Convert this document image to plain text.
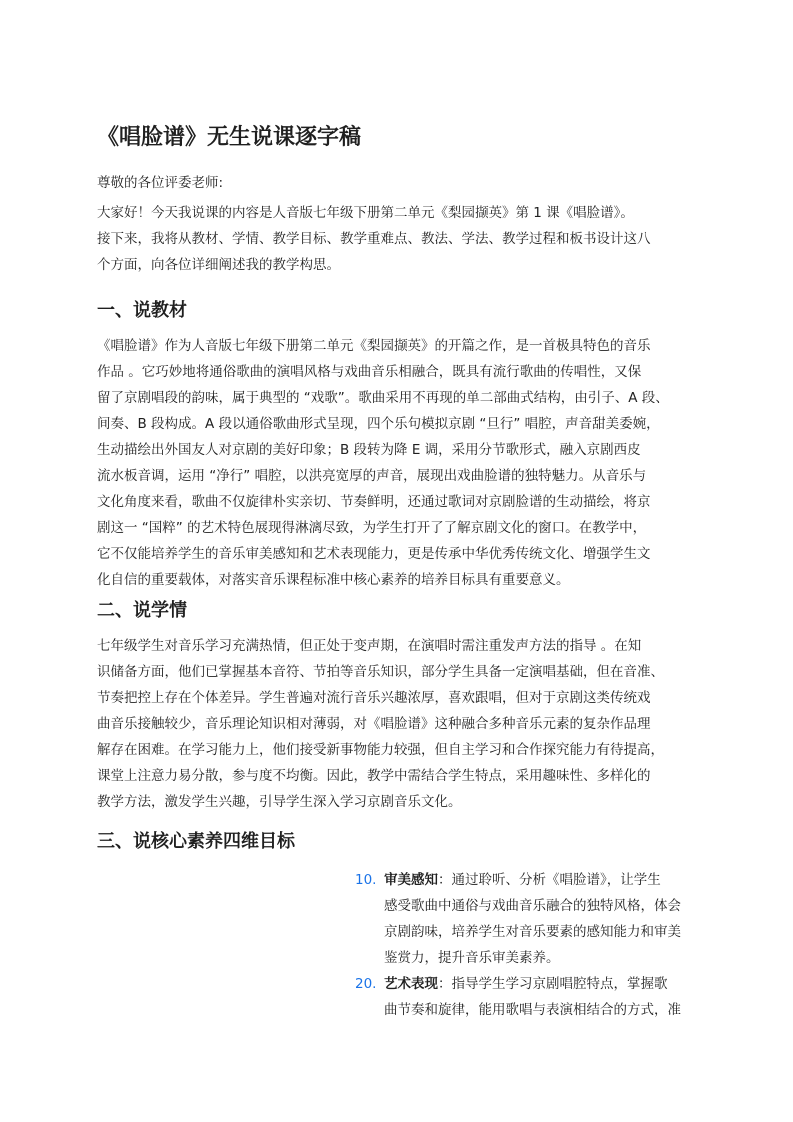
《唱脸谱》无生说课逐字稿

尊敬的各位评委老师:

大家好！今天我说课的内容是人音版七年级下册第二单元《梨园撷英》第 1 课《唱脸谱》。
接下来，我将从教材、学情、教学目标、教学重难点、教法、学法、教学过程和板书设计这八
个方面，向各位详细阐述我的教学构思。

一、说教材

《唱脸谱》作为人音版七年级下册第二单元《梨园撷英》的开篇之作，是一首极具特色的音乐
作品 。它巧妙地将通俗歌曲的演唱风格与戏曲音乐相融合，既具有流行歌曲的传唱性，又保
留了京剧唱段的韵味，属于典型的 “戏歌”。歌曲采用不再现的单二部曲式结构，由引子、A 段、
间奏、B 段构成。A 段以通俗歌曲形式呈现，四个乐句模拟京剧 “旦行” 唱腔，声音甜美委婉，
生动描绘出外国友人对京剧的美好印象；B 段转为降 E 调，采用分节歌形式，融入京剧西皮
流水板音调，运用 “净行” 唱腔，以洪亮宽厚的声音，展现出戏曲脸谱的独特魅力。从音乐与
文化角度来看，歌曲不仅旋律朴实亲切、节奏鲜明，还通过歌词对京剧脸谱的生动描绘，将京
剧这一 “国粹” 的艺术特色展现得淋漓尽致，为学生打开了了解京剧文化的窗口。在教学中，
它不仅能培养学生的音乐审美感知和艺术表现能力，更是传承中华优秀传统文化、增强学生文
化自信的重要载体，对落实音乐课程标准中核心素养的培养目标具有重要意义。

二、说学情

七年级学生对音乐学习充满热情，但正处于变声期，在演唱时需注重发声方法的指导 。在知
识储备方面，他们已掌握基本音符、节拍等音乐知识，部分学生具备一定演唱基础，但在音准、
节奏把控上存在个体差异。学生普遍对流行音乐兴趣浓厚，喜欢跟唱，但对于京剧这类传统戏
曲音乐接触较少，音乐理论知识相对薄弱，对《唱脸谱》这种融合多种音乐元素的复杂作品理
解存在困难。在学习能力上，他们接受新事物能力较强，但自主学习和合作探究能力有待提高，
课堂上注意力易分散，参与度不均衡。因此，教学中需结合学生特点，采用趣味性、多样化的
教学方法，激发学生兴趣，引导学生深入学习京剧音乐文化。

三、说核心素养四维目标
10. 审美感知：通过聆听、分析《唱脸谱》，让学生
感受歌曲中通俗与戏曲音乐融合的独特风格，体会
京剧韵味，培养学生对音乐要素的感知能力和审美
鉴赏力，提升音乐审美素养。
20. 艺术表现：指导学生学习京剧唱腔特点，掌握歌
曲节奏和旋律，能用歌唱与表演相结合的方式，准
